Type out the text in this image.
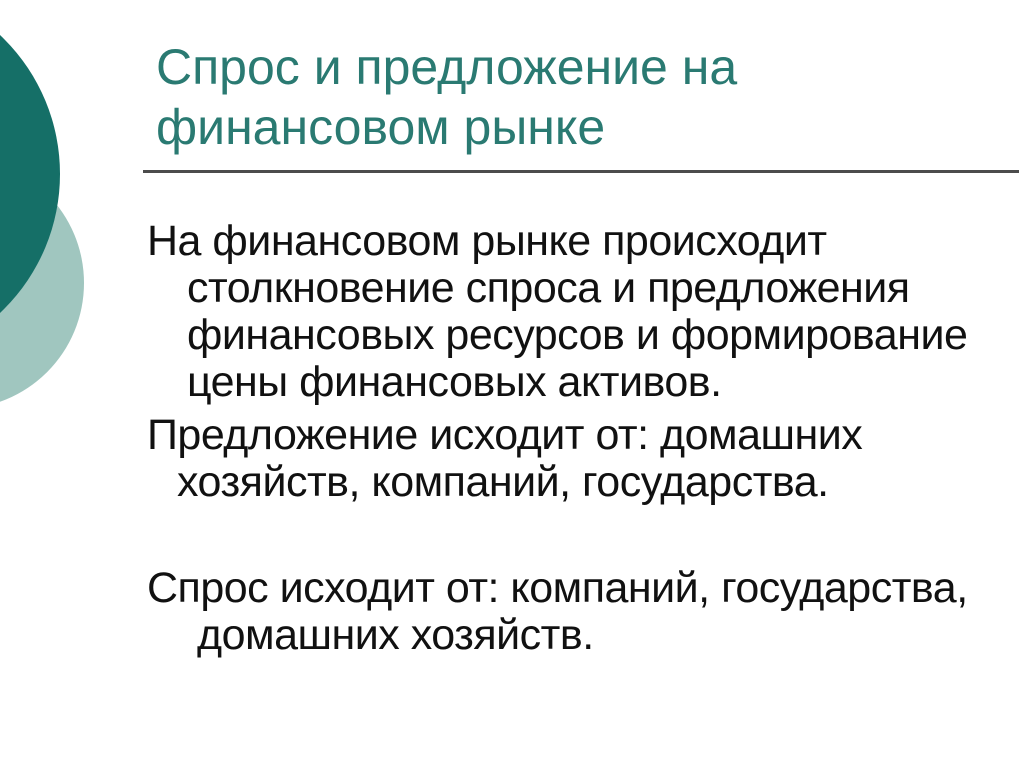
Спрос и предложение на
финансовом рынке
На финансовом рынке происходит
столкновение спроса и предложения
финансовых ресурсов и формирование
цены финансовых активов.
Предложение исходит от: домашних
хозяйств, компаний, государства.
Спрос исходит от: компаний, государства,
домашних хозяйств.
